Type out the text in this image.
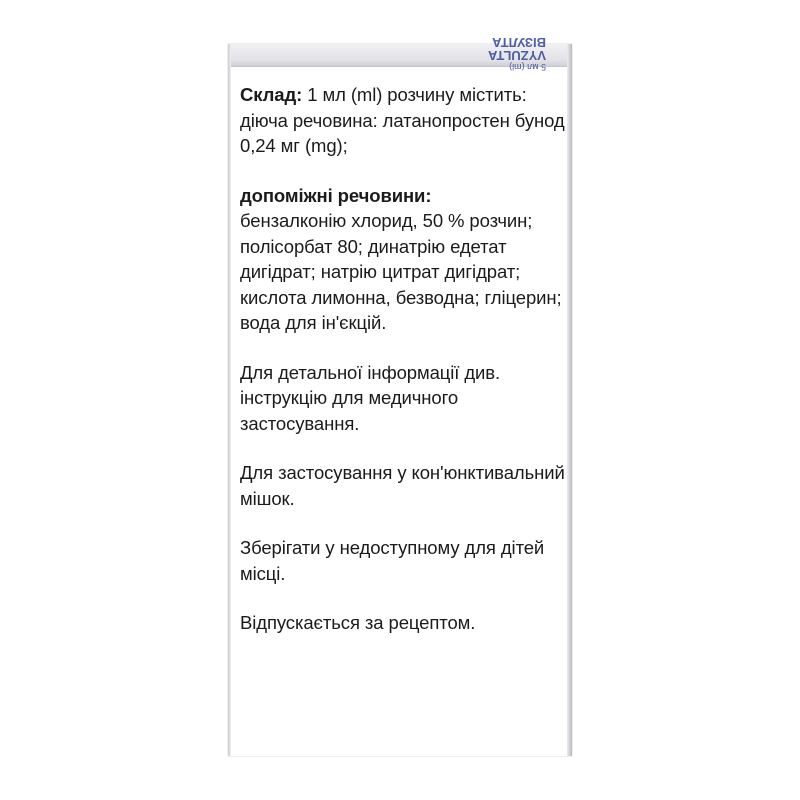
5 мл (ml)
VYZULTA
ВІЗУЛТА

Склад: 1 мл (ml) розчину містить: діюча речовина: латанопростен бунод 0,24 мг (mg);

допоміжні речовини:
бензалконію хлорид, 50 % розчин; полісорбат 80; динатрію едетат дигідрат; натрію цитрат дигідрат; кислота лимонна, безводна; гліцерин; вода для ін'єкцій.

Для детальної інформації див. інструкцію для медичного застосування.

Для застосування у кон'юнктивальний мішок.

Зберігати у недоступному для дітей місці.

Відпускається за рецептом.
